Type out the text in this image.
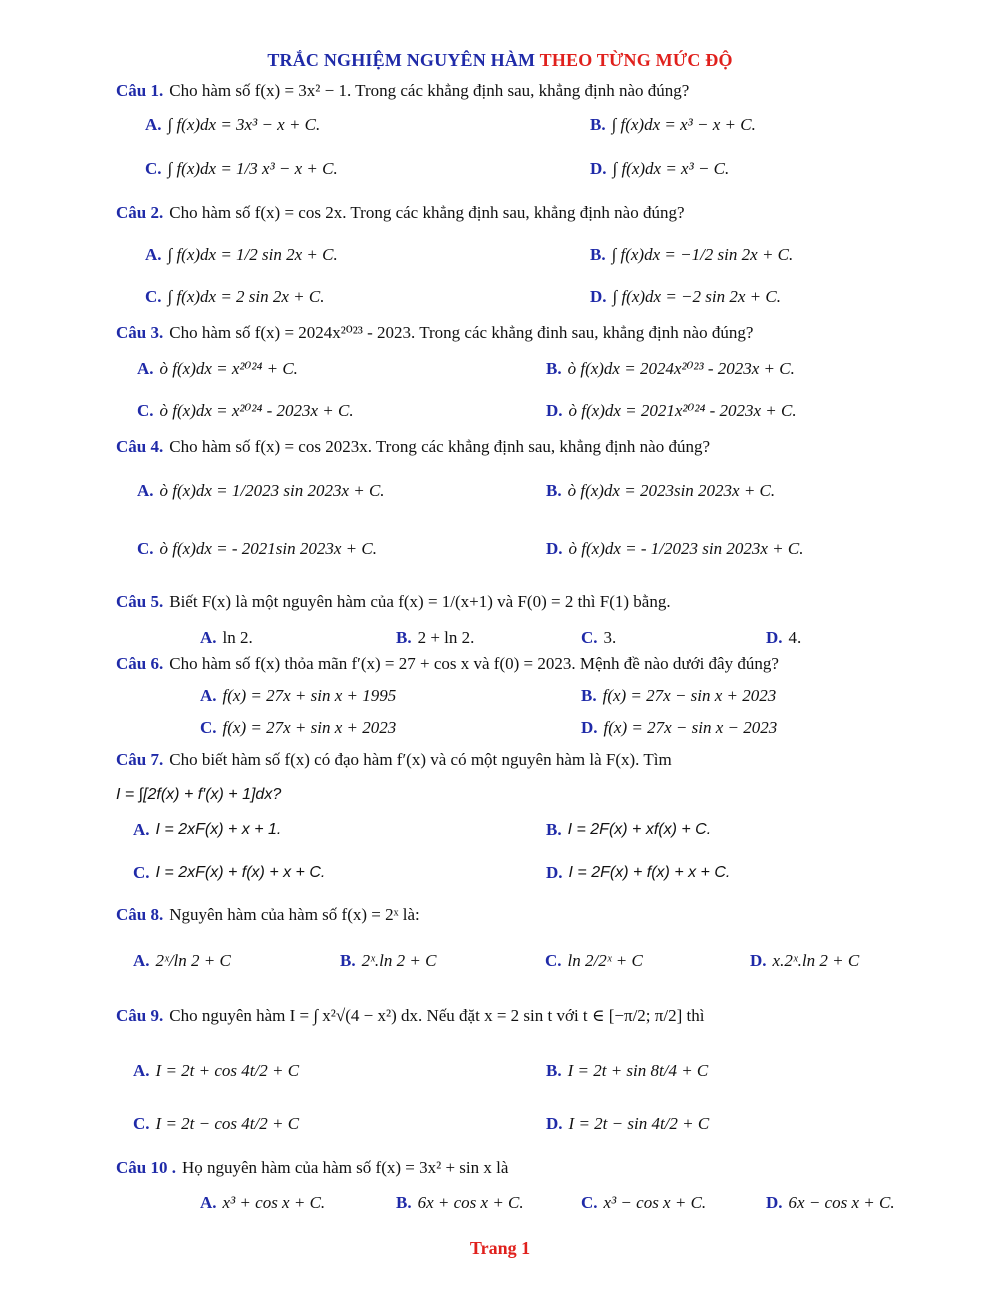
TRẮC NGHIỆM NGUYÊN HÀM THEO TỪNG MỨC ĐỘ
Câu 1. Cho hàm số f(x) = 3x² − 1. Trong các khẳng định sau, khẳng định nào đúng?
A. ∫ f(x)dx = 3x³ − x + C.	B. ∫ f(x)dx = x³ − x + C.
C. ∫ f(x)dx = 1/3 x³ − x + C.	D. ∫ f(x)dx = x³ − C.
Câu 2. Cho hàm số f(x) = cos 2x. Trong các khẳng định sau, khẳng định nào đúng?
A. ∫ f(x)dx = 1/2 sin 2x + C.	B. ∫ f(x)dx = −1/2 sin 2x + C.
C. ∫ f(x)dx = 2 sin 2x + C.	D. ∫ f(x)dx = −2 sin 2x + C.
Câu 3. Cho hàm số f(x) = 2024x²⁰²³ - 2023. Trong các khẳng đinh sau, khẳng định nào đúng?
A. ò f(x)dx = x²⁰²⁴ + C.	B. ò f(x)dx = 2024x²⁰²³ - 2023x + C.
C. ò f(x)dx = x²⁰²⁴ - 2023x + C.	D. ò f(x)dx = 2021x²⁰²⁴ - 2023x + C.
Câu 4. Cho hàm số f(x) = cos 2023x. Trong các khẳng định sau, khẳng định nào đúng?
A. ò f(x)dx = 1/2023 sin 2023x + C.	B. ò f(x)dx = 2023sin 2023x + C.
C. ò f(x)dx = - 2021sin 2023x + C.	D. ò f(x)dx = - 1/2023 sin 2023x + C.
Câu 5. Biết F(x) là một nguyên hàm của f(x) = 1/(x+1) và F(0) = 2 thì F(1) bằng.
A. ln 2.	B. 2 + ln 2.	C. 3.	D. 4.
Câu 6. Cho hàm số f(x) thỏa mãn f′(x) = 27 + cos x và f(0) = 2023. Mệnh đề nào dưới đây đúng?
A. f(x) = 27x + sin x + 1995	B. f(x) = 27x − sin x + 2023
C. f(x) = 27x + sin x + 2023	D. f(x) = 27x − sin x − 2023
Câu 7. Cho biết hàm số f(x) có đạo hàm f′(x) và có một nguyên hàm là F(x). Tìm
I = ∫[2f(x) + f′(x) + 1]dx?
A. I = 2xF(x) + x + 1.	B. I = 2F(x) + xf(x) + C.
C. I = 2xF(x) + f(x) + x + C.	D. I = 2F(x) + f(x) + x + C.
Câu 8. Nguyên hàm của hàm số f(x) = 2ˣ là:
A. 2ˣ/ln 2 + C	B. 2ˣ.ln 2 + C	C. ln 2/2ˣ + C	D. x.2ˣ.ln 2 + C
Câu 9. Cho nguyên hàm I = ∫ x²√(4 − x²) dx. Nếu đặt x = 2 sin t với t ∈ [−π/2; π/2] thì
A. I = 2t + cos 4t/2 + C	B. I = 2t + sin 8t/4 + C
C. I = 2t − cos 4t/2 + C	D. I = 2t − sin 4t/2 + C
Câu 10 . Họ nguyên hàm của hàm số f(x) = 3x² + sin x là
A. x³ + cos x + C.	B. 6x + cos x + C.	C. x³ − cos x + C.	D. 6x − cos x + C.
Trang 1
